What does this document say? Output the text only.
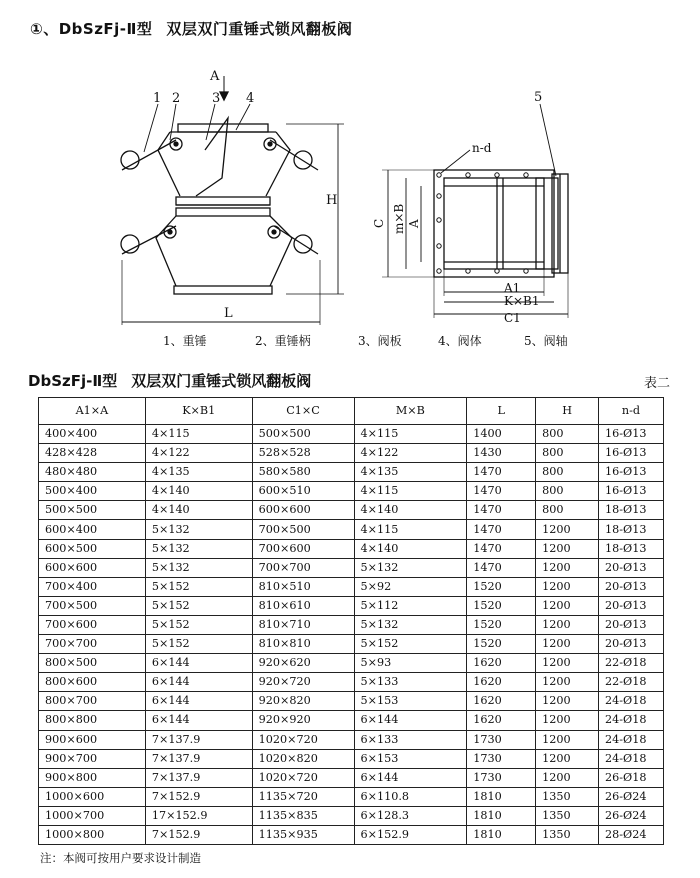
①、DbSzFj-Ⅱ型 双层双门重锤式锁风翻板阀
A
1 2 3 4
H
L
5
n-d
C m×B A
A1
K×B1
C1
1、重锤	2、重锤柄	3、阀板	4、阀体	5、阀轴
DbSzFj-Ⅱ型 双层双门重锤式锁风翻板阀	表二
A1×A	K×B1	C1×C	M×B	L	H	n-d
400×400	4×115	500×500	4×115	1400	800	16-Ø13
428×428	4×122	528×528	4×122	1430	800	16-Ø13
480×480	4×135	580×580	4×135	1470	800	16-Ø13
500×400	4×140	600×510	4×115	1470	800	16-Ø13
500×500	4×140	600×600	4×140	1470	800	18-Ø13
600×400	5×132	700×500	4×115	1470	1200	18-Ø13
600×500	5×132	700×600	4×140	1470	1200	18-Ø13
600×600	5×132	700×700	5×132	1470	1200	20-Ø13
700×400	5×152	810×510	5×92	1520	1200	20-Ø13
700×500	5×152	810×610	5×112	1520	1200	20-Ø13
700×600	5×152	810×710	5×132	1520	1200	20-Ø13
700×700	5×152	810×810	5×152	1520	1200	20-Ø13
800×500	6×144	920×620	5×93	1620	1200	22-Ø18
800×600	6×144	920×720	5×133	1620	1200	22-Ø18
800×700	6×144	920×820	5×153	1620	1200	24-Ø18
800×800	6×144	920×920	6×144	1620	1200	24-Ø18
900×600	7×137.9	1020×720	6×133	1730	1200	24-Ø18
900×700	7×137.9	1020×820	6×153	1730	1200	24-Ø18
900×800	7×137.9	1020×720	6×144	1730	1200	26-Ø18
1000×600	7×152.9	1135×720	6×110.8	1810	1350	26-Ø24
1000×700	17×152.9	1135×835	6×128.3	1810	1350	26-Ø24
1000×800	7×152.9	1135×935	6×152.9	1810	1350	28-Ø24
注：本阀可按用户要求设计制造
